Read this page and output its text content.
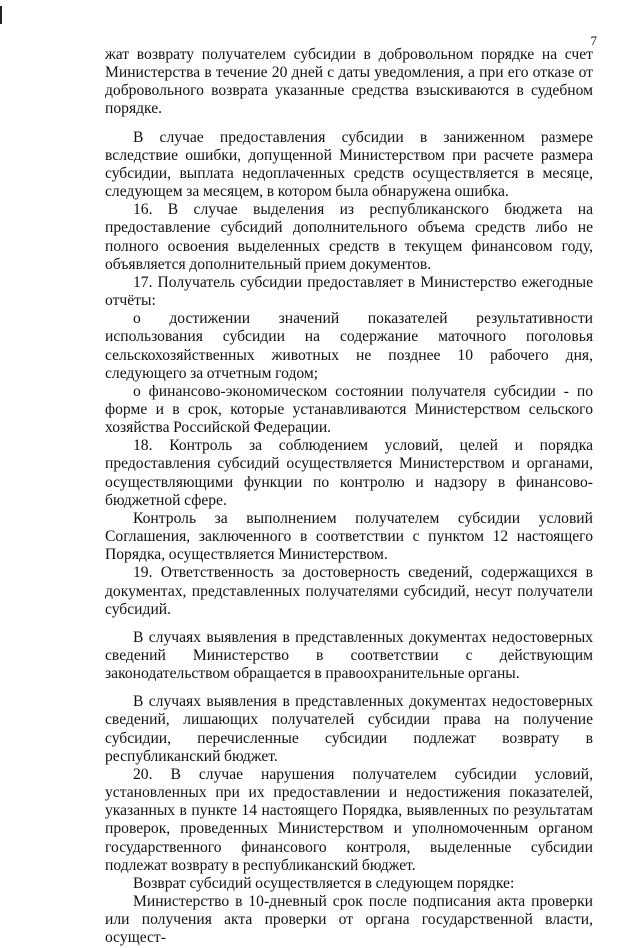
7

жат возврату получателем субсидии в добровольном порядке на счет Министерства в течение 20 дней с даты уведомления, а при его отказе от добровольного возврата указанные средства взыскиваются в судебном порядке.

В случае предоставления субсидии в заниженном размере вследствие ошибки, допущенной Министерством при расчете размера субсидии, выплата недоплаченных средств осуществляется в месяце, следующем за месяцем, в котором была обнаружена ошибка.

16. В случае выделения из республиканского бюджета на предоставление субсидий дополнительного объема средств либо не полного освоения выделенных средств в текущем финансовом году, объявляется дополнительный прием документов.

17. Получатель субсидии предоставляет в Министерство ежегодные отчёты:

о достижении значений показателей результативности использования субсидии на содержание маточного поголовья сельскохозяйственных животных не позднее 10 рабочего дня, следующего за отчетным годом;

о финансово-экономическом состоянии получателя субсидии - по форме и в срок, которые устанавливаются Министерством сельского хозяйства Российской Федерации.

18. Контроль за соблюдением условий, целей и порядка предоставления субсидий осуществляется Министерством и органами, осуществляющими функции по контролю и надзору в финансово-бюджетной сфере.

Контроль за выполнением получателем субсидии условий Соглашения, заключенного в соответствии с пунктом 12 настоящего Порядка, осуществляется Министерством.

19. Ответственность за достоверность сведений, содержащихся в документах, представленных получателями субсидий, несут получатели субсидий.

В случаях выявления в представленных документах недостоверных сведений Министерство в соответствии с действующим законодательством обращается в правоохранительные органы.

В случаях выявления в представленных документах недостоверных сведений, лишающих получателей субсидии права на получение субсидии, перечисленные субсидии подлежат возврату в республиканский бюджет.

20. В случае нарушения получателем субсидии условий, установленных при их предоставлении и недостижения показателей, указанных в пункте 14 настоящего Порядка, выявленных по результатам проверок, проведенных Министерством и уполномоченным органом государственного финансового контроля, выделенные субсидии подлежат возврату в республиканский бюджет.

Возврат субсидий осуществляется в следующем порядке:

Министерство в 10-дневный срок после подписания акта проверки или получения акта проверки от органа государственной власти, осущест-
